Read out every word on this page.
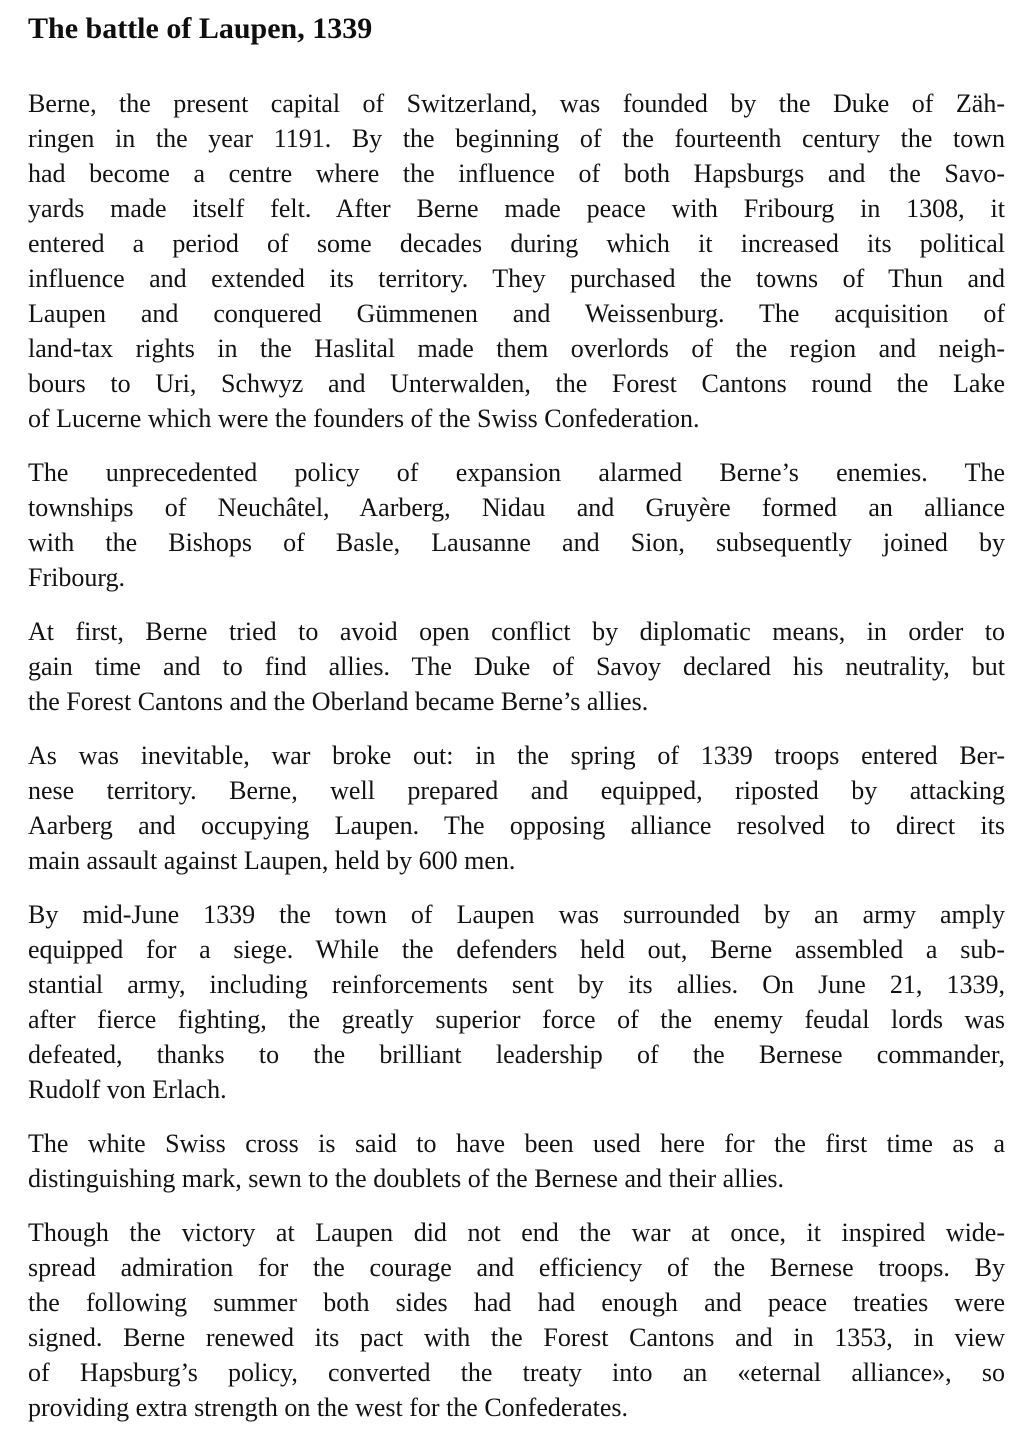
The battle of Laupen, 1339

Berne, the present capital of Switzerland, was founded by the Duke of Zäh-
ringen in the year 1191. By the beginning of the fourteenth century the town
had become a centre where the influence of both Hapsburgs and the Savo-
yards made itself felt. After Berne made peace with Fribourg in 1308, it
entered a period of some decades during which it increased its political
influence and extended its territory. They purchased the towns of Thun and
Laupen and conquered Gümmenen and Weissenburg. The acquisition of
land-tax rights in the Haslital made them overlords of the region and neigh-
bours to Uri, Schwyz and Unterwalden, the Forest Cantons round the Lake
of Lucerne which were the founders of the Swiss Confederation.

The unprecedented policy of expansion alarmed Berne’s enemies. The
townships of Neuchâtel, Aarberg, Nidau and Gruyère formed an alliance
with the Bishops of Basle, Lausanne and Sion, subsequently joined by
Fribourg.

At first, Berne tried to avoid open conflict by diplomatic means, in order to
gain time and to find allies. The Duke of Savoy declared his neutrality, but
the Forest Cantons and the Oberland became Berne’s allies.

As was inevitable, war broke out: in the spring of 1339 troops entered Ber-
nese territory. Berne, well prepared and equipped, riposted by attacking
Aarberg and occupying Laupen. The opposing alliance resolved to direct its
main assault against Laupen, held by 600 men.

By mid-June 1339 the town of Laupen was surrounded by an army amply
equipped for a siege. While the defenders held out, Berne assembled a sub-
stantial army, including reinforcements sent by its allies. On June 21, 1339,
after fierce fighting, the greatly superior force of the enemy feudal lords was
defeated, thanks to the brilliant leadership of the Bernese commander,
Rudolf von Erlach.

The white Swiss cross is said to have been used here for the first time as a
distinguishing mark, sewn to the doublets of the Bernese and their allies.

Though the victory at Laupen did not end the war at once, it inspired wide-
spread admiration for the courage and efficiency of the Bernese troops. By
the following summer both sides had had enough and peace treaties were
signed. Berne renewed its pact with the Forest Cantons and in 1353, in view
of Hapsburg’s policy, converted the treaty into an «eternal alliance», so
providing extra strength on the west for the Confederates.
